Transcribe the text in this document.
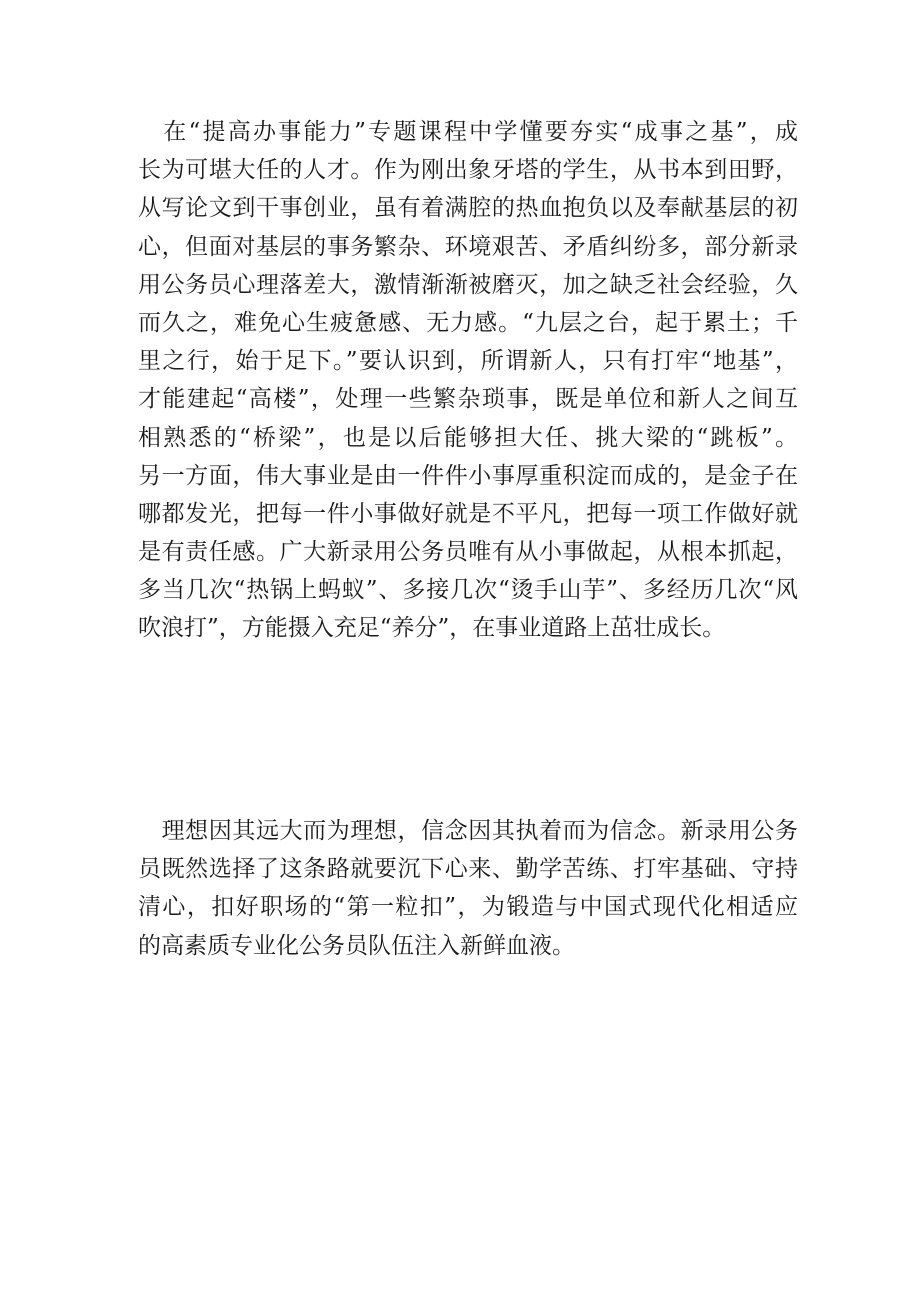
　在“提高办事能力”专题课程中学懂要夯实“成事之基”，成
长为可堪大任的人才。作为刚出象牙塔的学生，从书本到田野，
从写论文到干事创业，虽有着满腔的热血抱负以及奉献基层的初
心，但面对基层的事务繁杂、环境艰苦、矛盾纠纷多，部分新录
用公务员心理落差大，激情渐渐被磨灭，加之缺乏社会经验，久
而久之，难免心生疲惫感、无力感。“九层之台，起于累土；千
里之行，始于足下。”要认识到，所谓新人，只有打牢“地基”，
才能建起“高楼”，处理一些繁杂琐事，既是单位和新人之间互
相熟悉的“桥梁”，也是以后能够担大任、挑大梁的“跳板”。
另一方面，伟大事业是由一件件小事厚重积淀而成的，是金子在
哪都发光，把每一件小事做好就是不平凡，把每一项工作做好就
是有责任感。广大新录用公务员唯有从小事做起，从根本抓起，
多当几次“热锅上蚂蚁”、多接几次“烫手山芋”、多经历几次“风
吹浪打”，方能摄入充足“养分”，在事业道路上茁壮成长。
　理想因其远大而为理想，信念因其执着而为信念。新录用公务
员既然选择了这条路就要沉下心来、勤学苦练、打牢基础、守持
清心，扣好职场的“第一粒扣”，为锻造与中国式现代化相适应
的高素质专业化公务员队伍注入新鲜血液。
